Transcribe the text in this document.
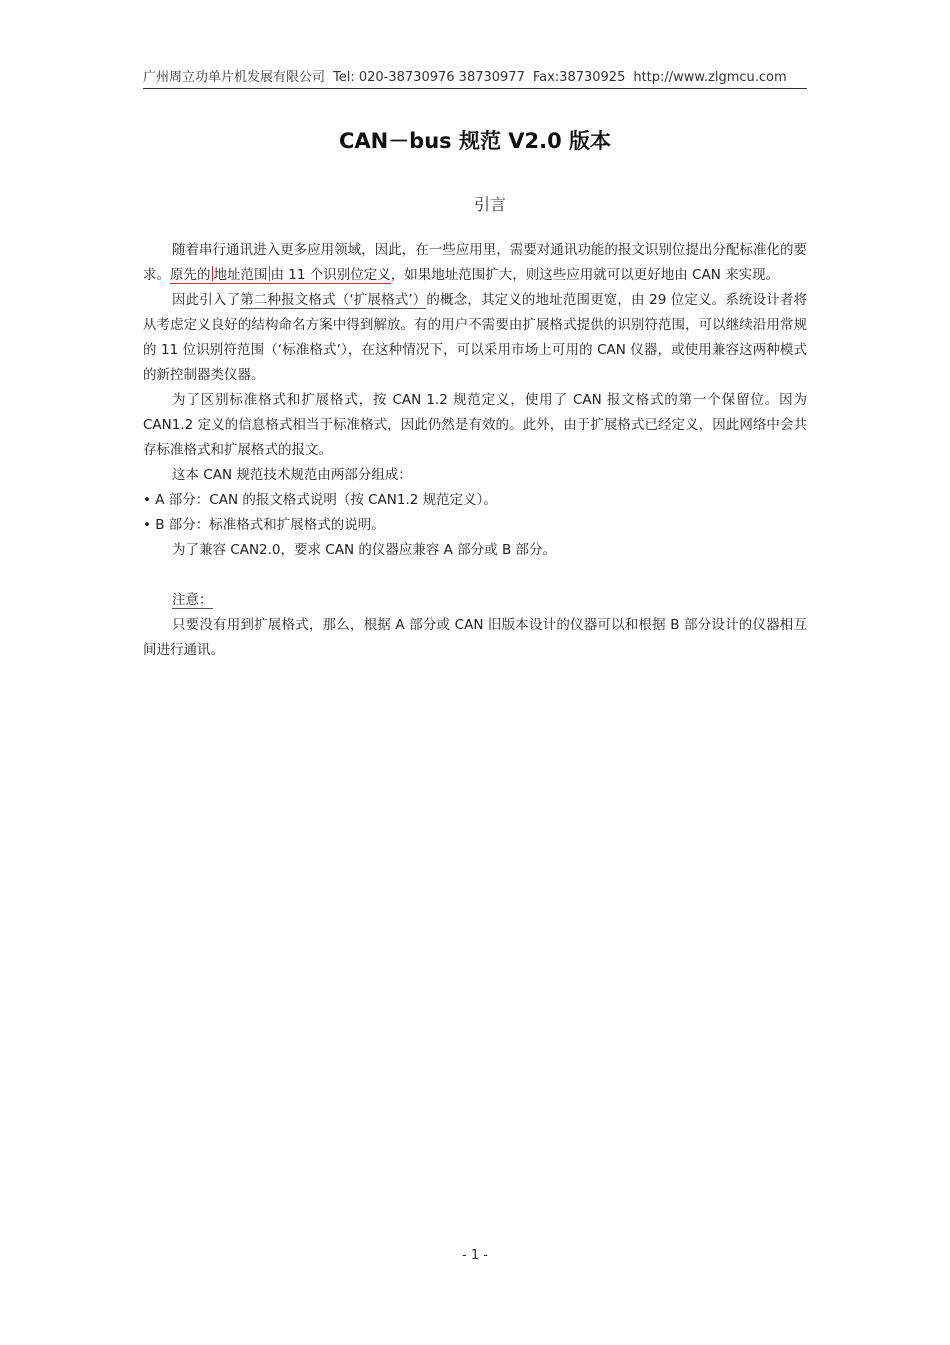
广州周立功单片机发展有限公司 Tel: 020-38730976 38730977 Fax:38730925 http://www.zlgmcu.com
CAN－bus 规范 V2.0 版本
引言

随着串行通讯进入更多应用领域，因此，在一些应用里，需要对通讯功能的报文识别位提出分配标准化的要求。原先的 地址范围 由 11 个识别位定义，如果地址范围扩大，则这些应用就可以更好地由 CAN 来实现。

因此引入了第二种报文格式（‘扩展格式’）的概念，其定义的地址范围更宽，由 29 位定义。系统设计者将从考虑定义良好的结构命名方案中得到解放。有的用户不需要由扩展格式提供的识别符范围，可以继续沿用常规的 11 位识别符范围（‘标准格式’），在这种情况下，可以采用市场上可用的 CAN 仪器，或使用兼容这两种模式的新控制器类仪器。

为了区别标准格式和扩展格式，按 CAN 1.2 规范定义，使用了 CAN 报文格式的第一个保留位。因为 CAN1.2 定义的信息格式相当于标准格式，因此仍然是有效的。此外，由于扩展格式已经定义，因此网络中会共存标准格式和扩展格式的报文。

这本 CAN 规范技术规范由两部分组成：

• A 部分：CAN 的报文格式说明（按 CAN1.2 规范定义）。

• B 部分：标准格式和扩展格式的说明。

为了兼容 CAN2.0，要求 CAN 的仪器应兼容 A 部分或 B 部分。

注意： 

只要没有用到扩展格式，那么，根据 A 部分或 CAN 旧版本设计的仪器可以和根据 B 部分设计的仪器相互间进行通讯。

- 1 -
